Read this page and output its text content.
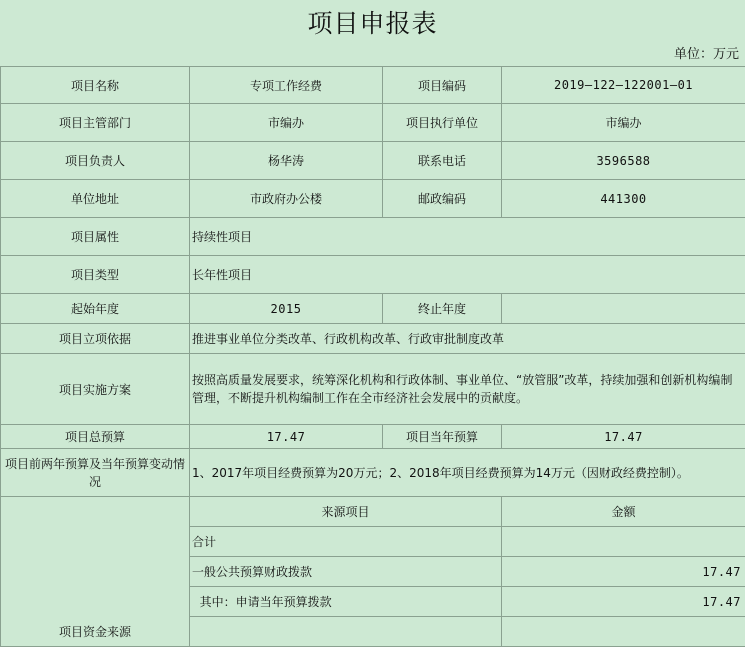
项目申报表
单位：万元
项目名称	专项工作经费	项目编码	2019—122—122001—01
项目主管部门	市编办	项目执行单位	市编办
项目负责人	杨华涛	联系电话	3596588
单位地址	市政府办公楼	邮政编码	441300
项目属性	持续性项目		
项目类型	长年性项目		
起始年度	2015	终止年度	
项目立项依据	推进事业单位分类改革、行政机构改革、行政审批制度改革		
项目实施方案	按照高质量发展要求，统筹深化机构和行政体制、事业单位、“放管服”改革，持续加强和创新机构编制管理，不断提升机构编制工作在全市经济社会发展中的贡献度。		
项目总预算	17.47	项目当年预算	17.47
项目前两年预算及当年预算变动情况	1、2017年项目经费预算为20万元；2、2018年项目经费预算为14万元（因财政经费控制）。		
项目资金来源	来源项目		金额
	合计		
	一般公共预算财政拨款		17.47
	其中：申请当年预算拨款		17.47
